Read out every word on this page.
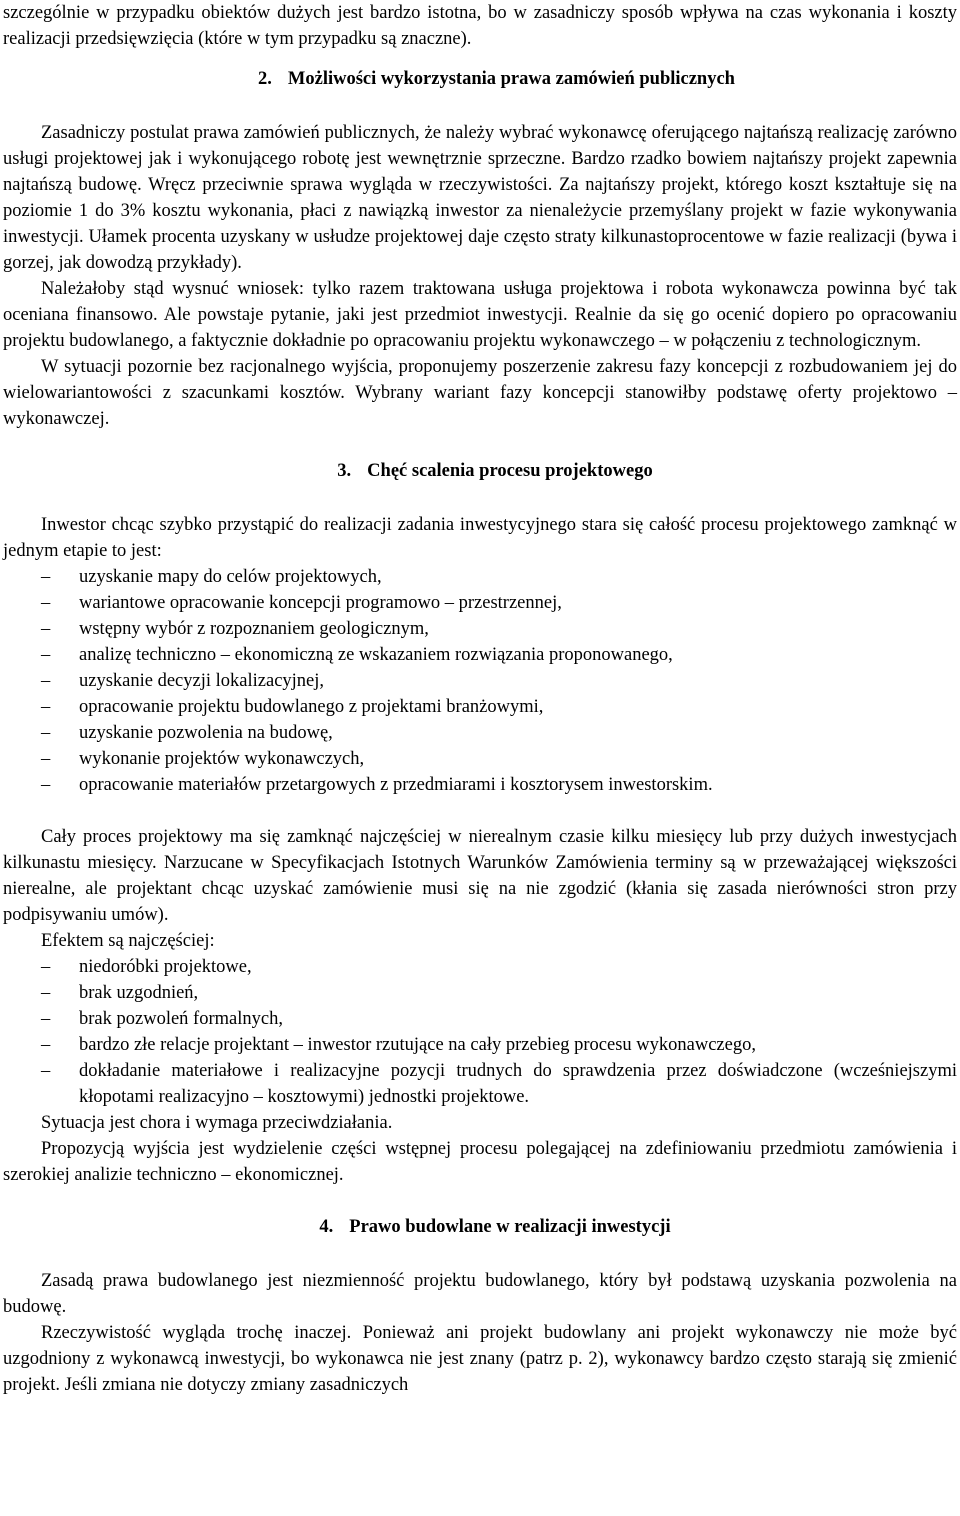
szczególnie w przypadku obiektów dużych jest bardzo istotna, bo w zasadniczy sposób wpływa na czas wykonania i koszty realizacji przedsięwzięcia (które w tym przypadku są znaczne).

2. Możliwości wykorzystania prawa zamówień publicznych

Zasadniczy postulat prawa zamówień publicznych, że należy wybrać wykonawcę oferującego najtańszą realizację zarówno usługi projektowej jak i wykonującego robotę jest wewnętrznie sprzeczne. Bardzo rzadko bowiem najtańszy projekt zapewnia najtańszą budowę. Wręcz przeciwnie sprawa wygląda w rzeczywistości. Za najtańszy projekt, którego koszt kształtuje się na poziomie 1 do 3% kosztu wykonania, płaci z nawiązką inwestor za nienależycie przemyślany projekt w fazie wykonywania inwestycji. Ułamek procenta uzyskany w usłudze projektowej daje często straty kilkunastoprocentowe w fazie realizacji (bywa i gorzej, jak dowodzą przykłady).

Należałoby stąd wysnuć wniosek: tylko razem traktowana usługa projektowa i robota wykonawcza powinna być tak oceniana finansowo. Ale powstaje pytanie, jaki jest przedmiot inwestycji. Realnie da się go ocenić dopiero po opracowaniu projektu budowlanego, a faktycznie dokładnie po opracowaniu projektu wykonawczego – w połączeniu z technologicznym.

W sytuacji pozornie bez racjonalnego wyjścia, proponujemy poszerzenie zakresu fazy koncepcji z rozbudowaniem jej do wielowariantowości z szacunkami kosztów. Wybrany wariant fazy koncepcji stanowiłby podstawę oferty projektowo – wykonawczej.

3. Chęć scalenia procesu projektowego

Inwestor chcąc szybko przystąpić do realizacji zadania inwestycyjnego stara się całość procesu projektowego zamknąć w jednym etapie to jest:

– uzyskanie mapy do celów projektowych,
– wariantowe opracowanie koncepcji programowo – przestrzennej,
– wstępny wybór z rozpoznaniem geologicznym,
– analizę techniczno – ekonomiczną ze wskazaniem rozwiązania proponowanego,
– uzyskanie decyzji lokalizacyjnej,
– opracowanie projektu budowlanego z projektami branżowymi,
– uzyskanie pozwolenia na budowę,
– wykonanie projektów wykonawczych,
– opracowanie materiałów przetargowych z przedmiarami i kosztorysem inwestorskim.

Cały proces projektowy ma się zamknąć najczęściej w nierealnym czasie kilku miesięcy lub przy dużych inwestycjach kilkunastu miesięcy. Narzucane w Specyfikacjach Istotnych Warunków Zamówienia terminy są w przeważającej większości nierealne, ale projektant chcąc uzyskać zamówienie musi się na nie zgodzić (kłania się zasada nierówności stron przy podpisywaniu umów).

Efektem są najczęściej:

– niedoróbki projektowe,
– brak uzgodnień,
– brak pozwoleń formalnych,
– bardzo złe relacje projektant – inwestor rzutujące na cały przebieg procesu wykonawczego,
– dokładanie materiałowe i realizacyjne pozycji trudnych do sprawdzenia przez doświadczone (wcześniejszymi kłopotami realizacyjno – kosztowymi) jednostki projektowe.

Sytuacja jest chora i wymaga przeciwdziałania.

Propozycją wyjścia jest wydzielenie części wstępnej procesu polegającej na zdefiniowaniu przedmiotu zamówienia i szerokiej analizie techniczno – ekonomicznej.

4. Prawo budowlane w realizacji inwestycji

Zasadą prawa budowlanego jest niezmienność projektu budowlanego, który był podstawą uzyskania pozwolenia na budowę.

Rzeczywistość wygląda trochę inaczej. Ponieważ ani projekt budowlany ani projekt wykonawczy nie może być uzgodniony z wykonawcą inwestycji, bo wykonawca nie jest znany (patrz p. 2), wykonawcy bardzo często starają się zmienić projekt. Jeśli zmiana nie dotyczy zmiany zasadniczych
